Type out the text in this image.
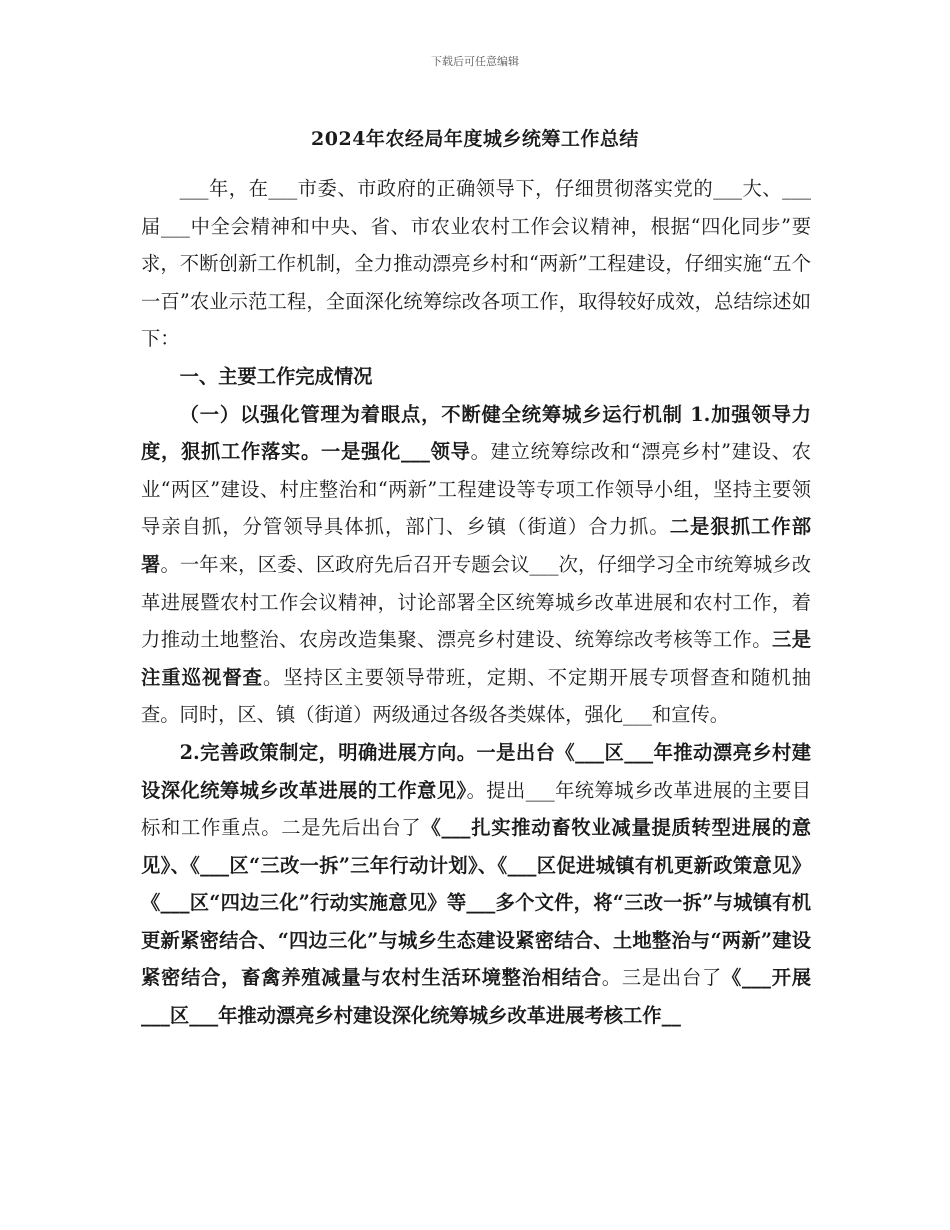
下载后可任意编辑
2024年农经局年度城乡统筹工作总结

___年，在___市委、市政府的正确领导下，仔细贯彻落实党的___大、___届___中全会精神和中央、省、市农业农村工作会议精神，根据“四化同步”要求，不断创新工作机制，全力推动漂亮乡村和“两新”工程建设，仔细实施“五个一百”农业示范工程，全面深化统筹综改各项工作，取得较好成效，总结综述如下：

一、主要工作完成情况

（一）以强化管理为着眼点，不断健全统筹城乡运行机制 1.加强领导力度，狠抓工作落实。一是强化___领导。建立统筹综改和“漂亮乡村”建设、农业“两区”建设、村庄整治和“两新”工程建设等专项工作领导小组，坚持主要领导亲自抓，分管领导具体抓，部门、乡镇（街道）合力抓。二是狠抓工作部署。一年来，区委、区政府先后召开专题会议___次，仔细学习全市统筹城乡改革进展暨农村工作会议精神，讨论部署全区统筹城乡改革进展和农村工作，着力推动土地整治、农房改造集聚、漂亮乡村建设、统筹综改考核等工作。三是注重巡视督查。坚持区主要领导带班，定期、不定期开展专项督查和随机抽查。同时，区、镇（街道）两级通过各级各类媒体，强化___和宣传。

2.完善政策制定，明确进展方向。一是出台《___区___年推动漂亮乡村建设深化统筹城乡改革进展的工作意见》。提出___年统筹城乡改革进展的主要目标和工作重点。二是先后出台了《___扎实推动畜牧业减量提质转型进展的意见》、《___区“三改一拆”三年行动计划》、《___区促进城镇有机更新政策意见》《___区“四边三化”行动实施意见》等___多个文件，将“三改一拆”与城镇有机更新紧密结合、“四边三化”与城乡生态建设紧密结合、土地整治与“两新”建设紧密结合，畜禽养殖减量与农村生活环境整治相结合。三是出台了《___开展___区___年推动漂亮乡村建设深化统筹城乡改革进展考核工作__
